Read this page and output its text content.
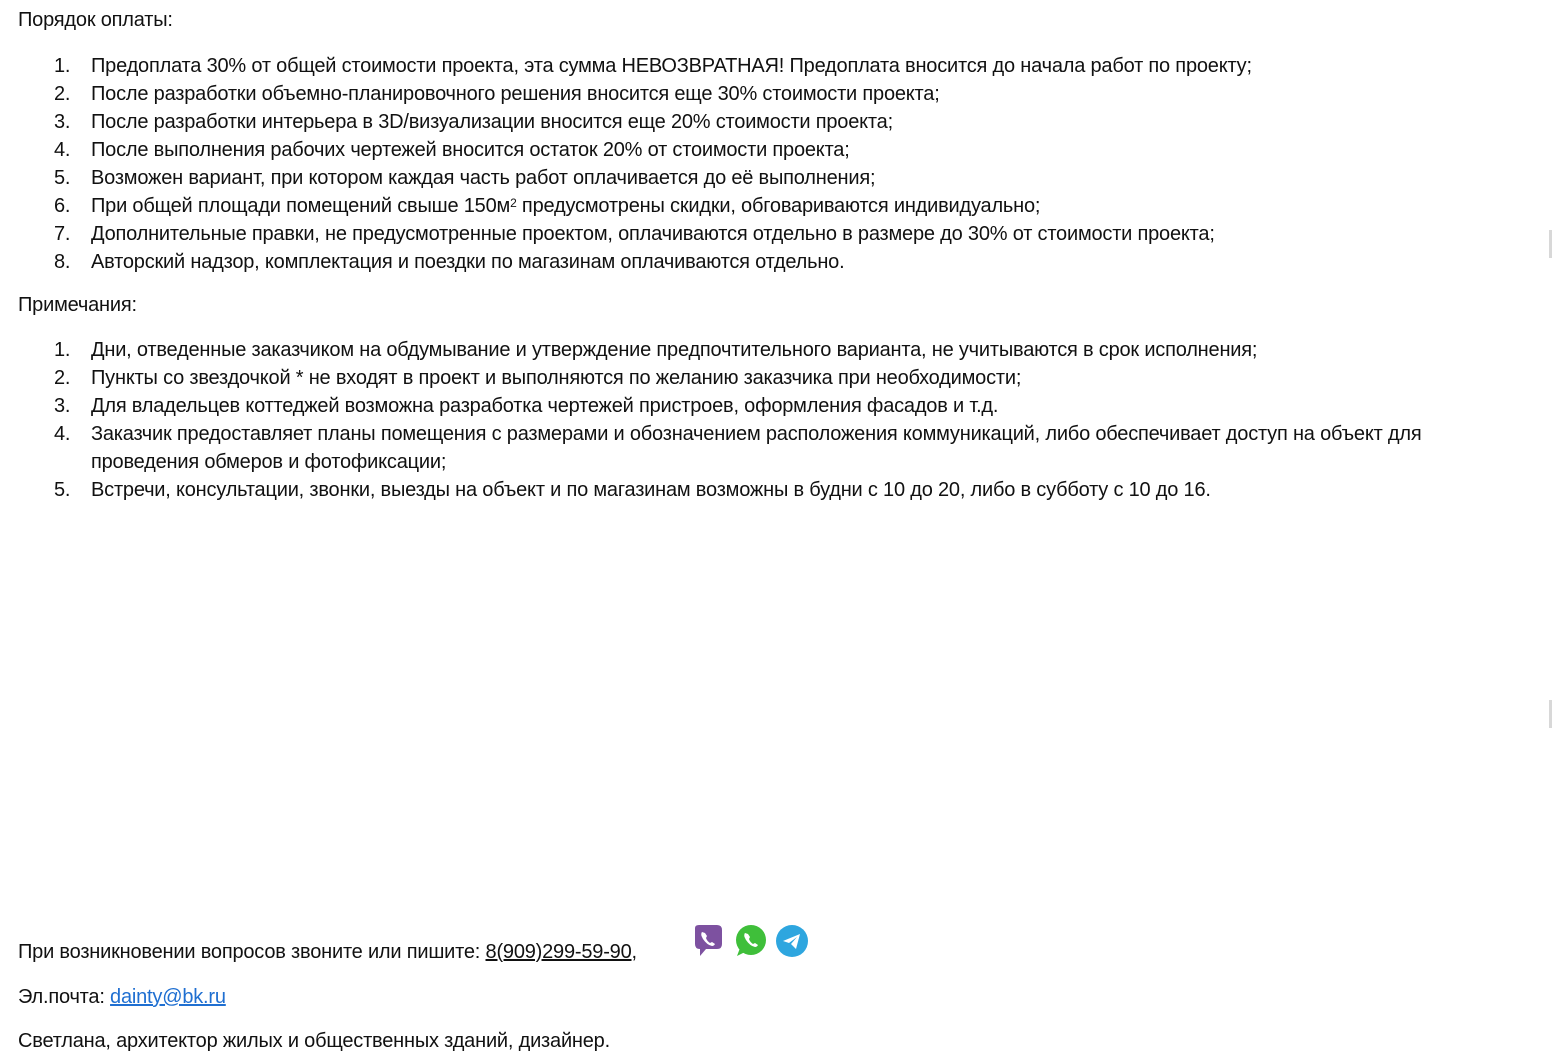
Порядок оплаты:
1. Предоплата 30% от общей стоимости проекта, эта сумма НЕВОЗВРАТНАЯ! Предоплата вносится до начала работ по проекту;
2. После разработки объемно-планировочного решения вносится еще 30% стоимости проекта;
3. После разработки интерьера в 3D/визуализации вносится еще 20% стоимости проекта;
4. После выполнения рабочих чертежей вносится остаток 20% от стоимости проекта;
5. Возможен вариант, при котором каждая часть работ оплачивается до её выполнения;
6. При общей площади помещений свыше $150м^2$ предусмотрены скидки, обговариваются индивидуально;
7. Дополнительные правки, не предусмотренные проектом, оплачиваются отдельно в размере до 30% от стоимости проекта;
8. Авторский надзор, комплектация и поездки по магазинам оплачиваются отдельно.
Примечания:
1. Дни, отведенные заказчиком на обдумывание и утверждение предпочтительного варианта, не учитываются в срок исполнения;
2. Пункты со звездочкой * не входят в проект и выполняются по желанию заказчика при необходимости;
3. Для владельцев коттеджей возможна разработка чертежей пристроев, оформления фасадов и т.д.
4. Заказчик предоставляет планы помещения с размерами и обозначением расположения коммуникаций, либо обеспечивает доступ на объект для проведения обмеров и фотофиксации;
5. Встречи, консультации, звонки, выезды на объект и по магазинам возможны в будни с 10 до 20, либо в субботу с 10 до 16.
При возникновении вопросов звоните или пишите: 8(909)299-59-90,
Эл.почта: dainty@bk.ru
Светлана, архитектор жилых и общественных зданий, дизайнер.
